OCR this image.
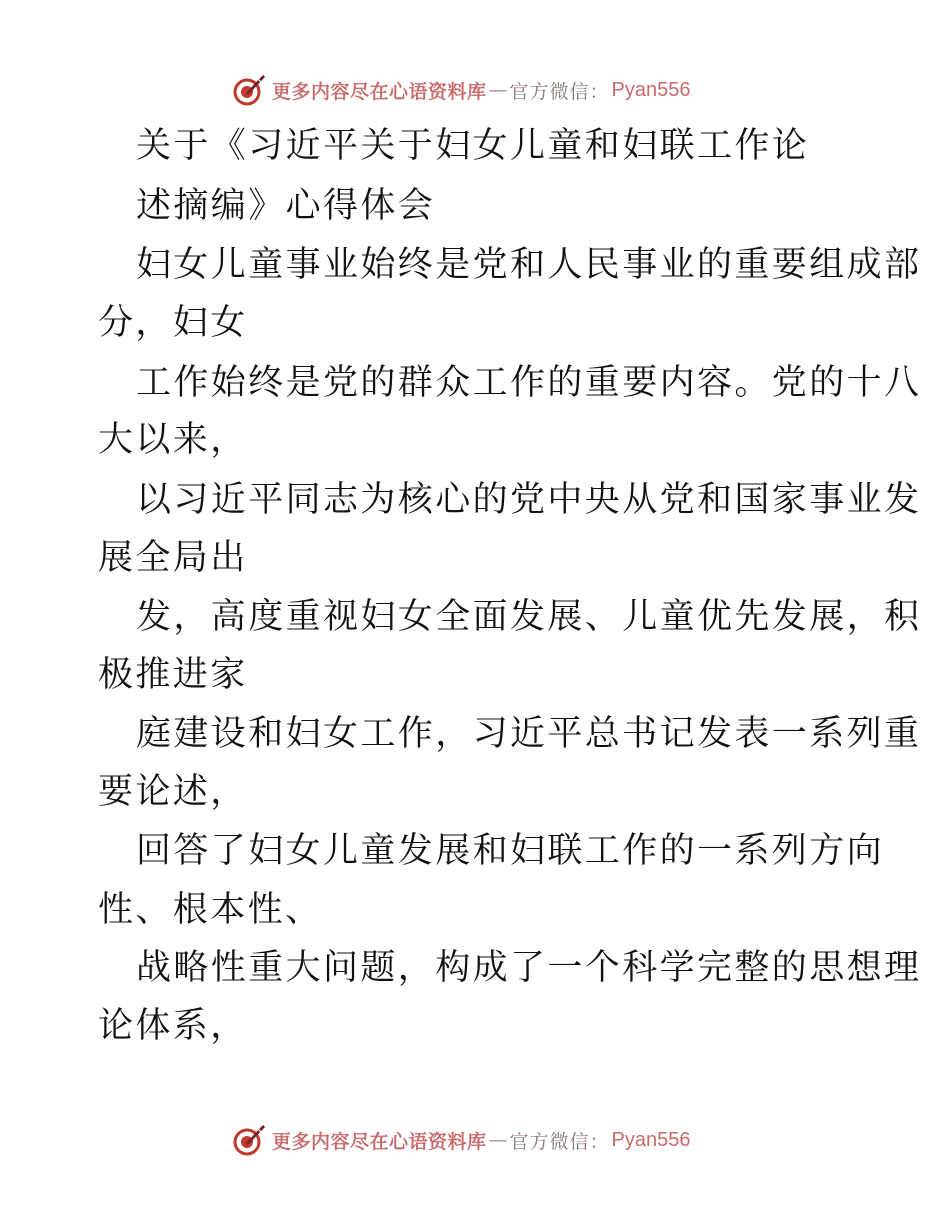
更多内容尽在心语资料库 — 官方微信： Pyan556
关于《习近平关于妇女儿童和妇联工作论
述摘编》心得体会
妇女儿童事业始终是党和人民事业的重要组成部
分，妇女
工作始终是党的群众工作的重要内容。党的十八
大以来，
以习近平同志为核心的党中央从党和国家事业发
展全局出
发，高度重视妇女全面发展、儿童优先发展，积
极推进家
庭建设和妇女工作，习近平总书记发表一系列重
要论述，
回答了妇女儿童发展和妇联工作的一系列方向
性、根本性、
战略性重大问题，构成了一个科学完整的思想理
论体系，
更多内容尽在心语资料库 — 官方微信： Pyan556
